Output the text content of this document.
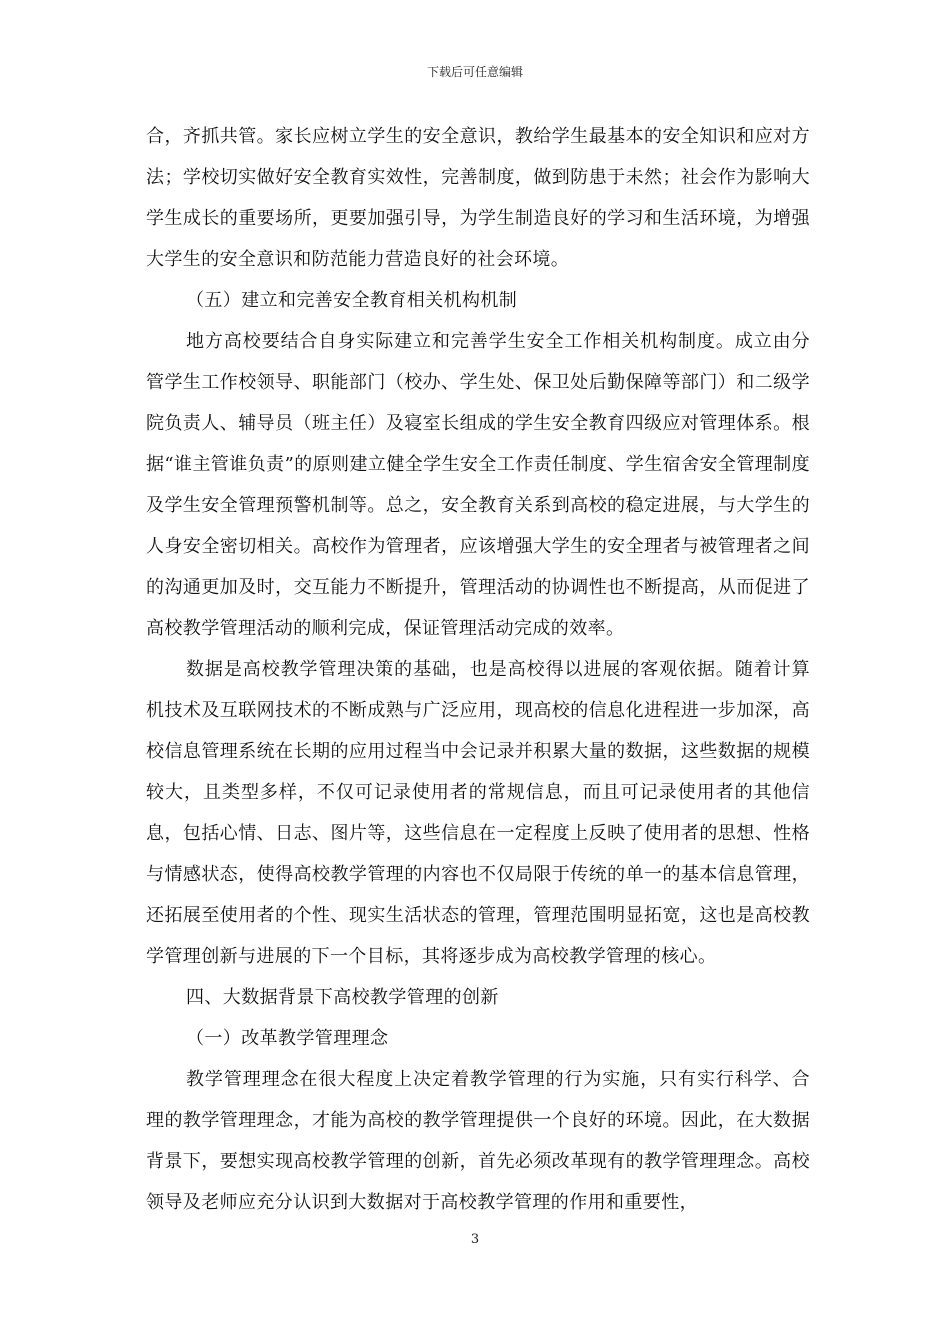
下载后可任意编辑

合，齐抓共管。家长应树立学生的安全意识，教给学生最基本的安全知识和应对方法；学校切实做好安全教育实效性，完善制度，做到防患于未然；社会作为影响大学生成长的重要场所，更要加强引导，为学生制造良好的学习和生活环境，为增强大学生的安全意识和防范能力营造良好的社会环境。

（五）建立和完善安全教育相关机构机制

地方高校要结合自身实际建立和完善学生安全工作相关机构制度。成立由分管学生工作校领导、职能部门（校办、学生处、保卫处后勤保障等部门）和二级学院负责人、辅导员（班主任）及寝室长组成的学生安全教育四级应对管理体系。根据“谁主管谁负责”的原则建立健全学生安全工作责任制度、学生宿舍安全管理制度及学生安全管理预警机制等。总之，安全教育关系到高校的稳定进展，与大学生的人身安全密切相关。高校作为管理者，应该增强大学生的安全理者与被管理者之间的沟通更加及时，交互能力不断提升，管理活动的协调性也不断提高，从而促进了高校教学管理活动的顺利完成，保证管理活动完成的效率。

数据是高校教学管理决策的基础，也是高校得以进展的客观依据。随着计算机技术及互联网技术的不断成熟与广泛应用，现高校的信息化进程进一步加深，高校信息管理系统在长期的应用过程当中会记录并积累大量的数据，这些数据的规模较大，且类型多样，不仅可记录使用者的常规信息，而且可记录使用者的其他信息，包括心情、日志、图片等，这些信息在一定程度上反映了使用者的思想、性格与情感状态，使得高校教学管理的内容也不仅局限于传统的单一的基本信息管理，还拓展至使用者的个性、现实生活状态的管理，管理范围明显拓宽，这也是高校教学管理创新与进展的下一个目标，其将逐步成为高校教学管理的核心。

四、大数据背景下高校教学管理的创新

（一）改革教学管理理念

教学管理理念在很大程度上决定着教学管理的行为实施，只有实行科学、合理的教学管理理念，才能为高校的教学管理提供一个良好的环境。因此，在大数据背景下，要想实现高校教学管理的创新，首先必须改革现有的教学管理理念。高校领导及老师应充分认识到大数据对于高校教学管理的作用和重要性，

3
